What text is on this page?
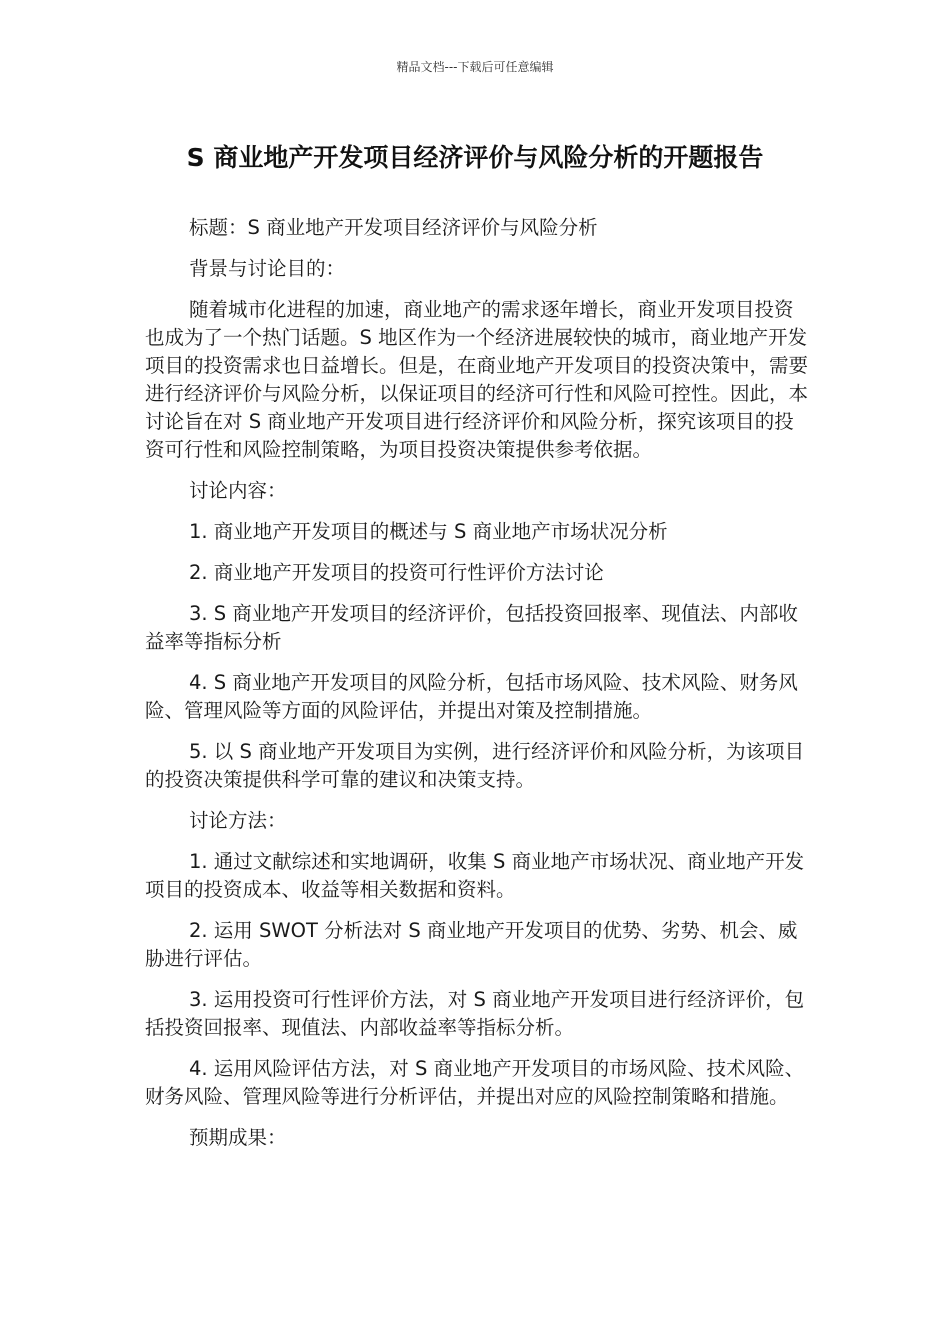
精品文档---下载后可任意编辑
S 商业地产开发项目经济评价与风险分析的开题报告

标题：S 商业地产开发项目经济评价与风险分析

背景与讨论目的：

随着城市化进程的加速，商业地产的需求逐年增长，商业开发项目投资也成为了一个热门话题。S 地区作为一个经济进展较快的城市，商业地产开发项目的投资需求也日益增长。但是，在商业地产开发项目的投资决策中，需要进行经济评价与风险分析，以保证项目的经济可行性和风险可控性。因此，本讨论旨在对 S 商业地产开发项目进行经济评价和风险分析，探究该项目的投资可行性和风险控制策略，为项目投资决策提供参考依据。

讨论内容：

1. 商业地产开发项目的概述与 S 商业地产市场状况分析

2. 商业地产开发项目的投资可行性评价方法讨论

3. S 商业地产开发项目的经济评价，包括投资回报率、现值法、内部收益率等指标分析

4. S 商业地产开发项目的风险分析，包括市场风险、技术风险、财务风险、管理风险等方面的风险评估，并提出对策及控制措施。

5. 以 S 商业地产开发项目为实例，进行经济评价和风险分析，为该项目的投资决策提供科学可靠的建议和决策支持。

讨论方法：

1. 通过文献综述和实地调研，收集 S 商业地产市场状况、商业地产开发项目的投资成本、收益等相关数据和资料。

2. 运用 SWOT 分析法对 S 商业地产开发项目的优势、劣势、机会、威胁进行评估。

3. 运用投资可行性评价方法，对 S 商业地产开发项目进行经济评价，包括投资回报率、现值法、内部收益率等指标分析。

4. 运用风险评估方法，对 S 商业地产开发项目的市场风险、技术风险、财务风险、管理风险等进行分析评估，并提出对应的风险控制策略和措施。

预期成果：
